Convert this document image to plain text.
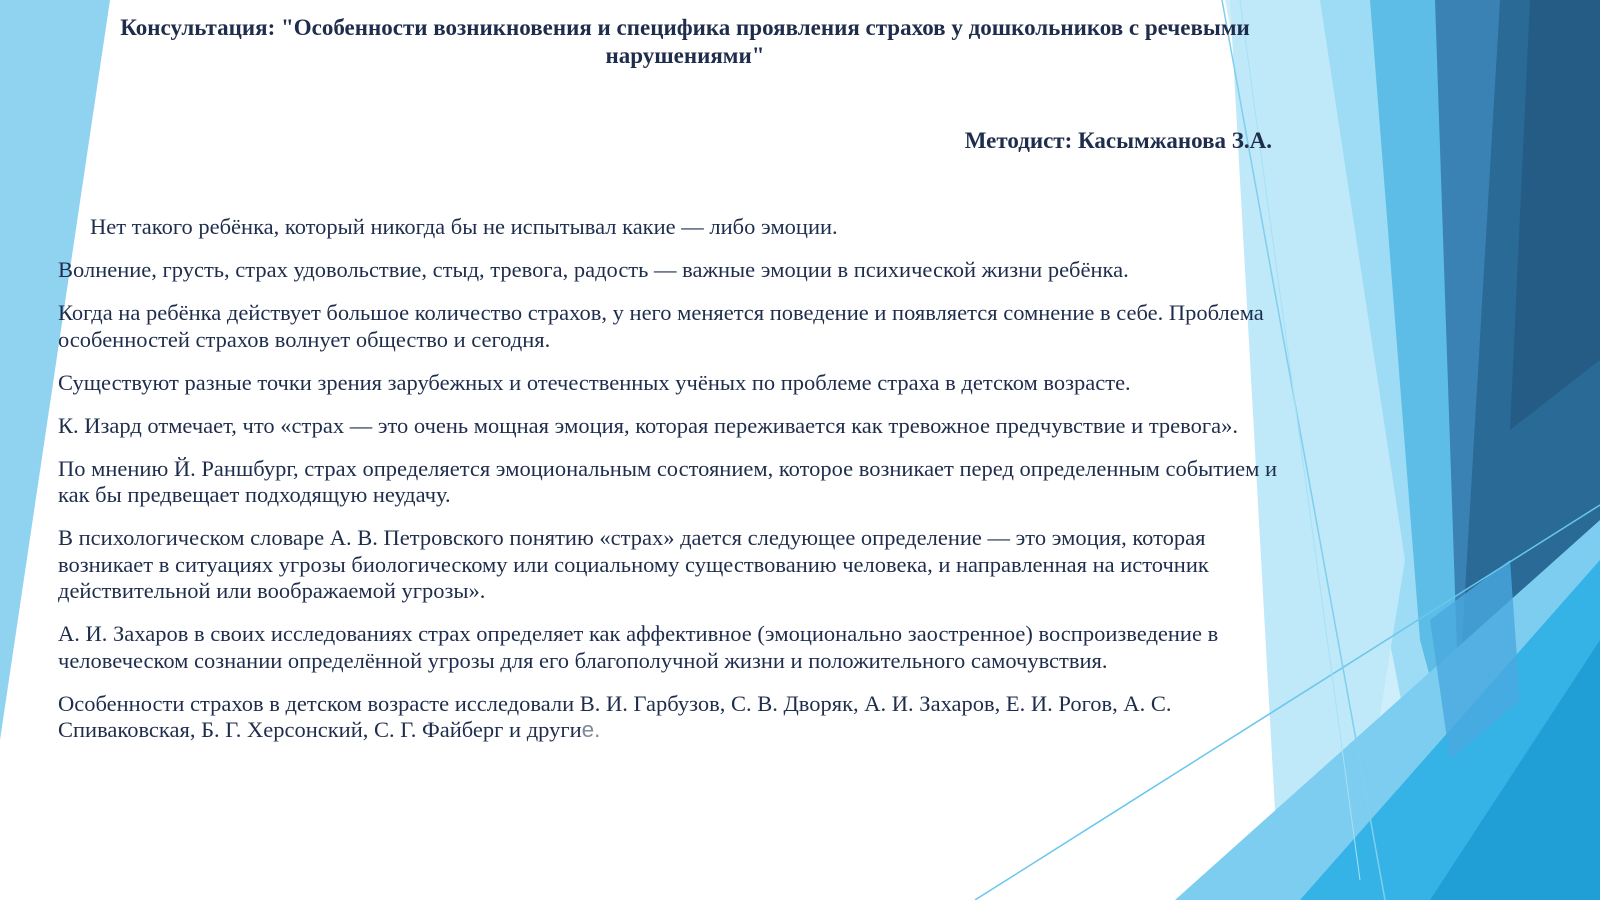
Консультация: "Особенности возникновения и специфика проявления страхов у дошкольников с речевыми нарушениями"
Методист: Касымжанова З.А.

Нет такого ребёнка, который никогда бы не испытывал какие — либо эмоции.

Волнение, грусть, страх удовольствие, стыд, тревога, радость — важные эмоции в психической жизни ребёнка.

Когда на ребёнка действует большое количество страхов, у него меняется поведение и появляется сомнение в себе. Проблема особенностей страхов волнует общество и сегодня.

Существуют разные точки зрения зарубежных и отечественных учёных по проблеме страха в детском возрасте.

К. Изард отмечает, что «страх — это очень мощная эмоция, которая переживается как тревожное предчувствие и тревога».

По мнению Й. Раншбург, страх определяется эмоциональным состоянием, которое возникает перед определенным событием и как бы предвещает подходящую неудачу.

В психологическом словаре А. В. Петровского понятию «страх» дается следующее определение — это эмоция, которая возникает в ситуациях угрозы биологическому или социальному существованию человека, и направленная на источник действительной или воображаемой угрозы».

А. И. Захаров в своих исследованиях страх определяет как аффективное (эмоционально заостренное) воспроизведение в человеческом сознании определённой угрозы для его благополучной жизни и положительного самочувствия.

Особенности страхов в детском возрасте исследовали В. И. Гарбузов, С. В. Дворяк, А. И. Захаров, Е. И. Рогов, А. С. Спиваковская, Б. Г. Херсонский, С. Г. Файберг и другие.
